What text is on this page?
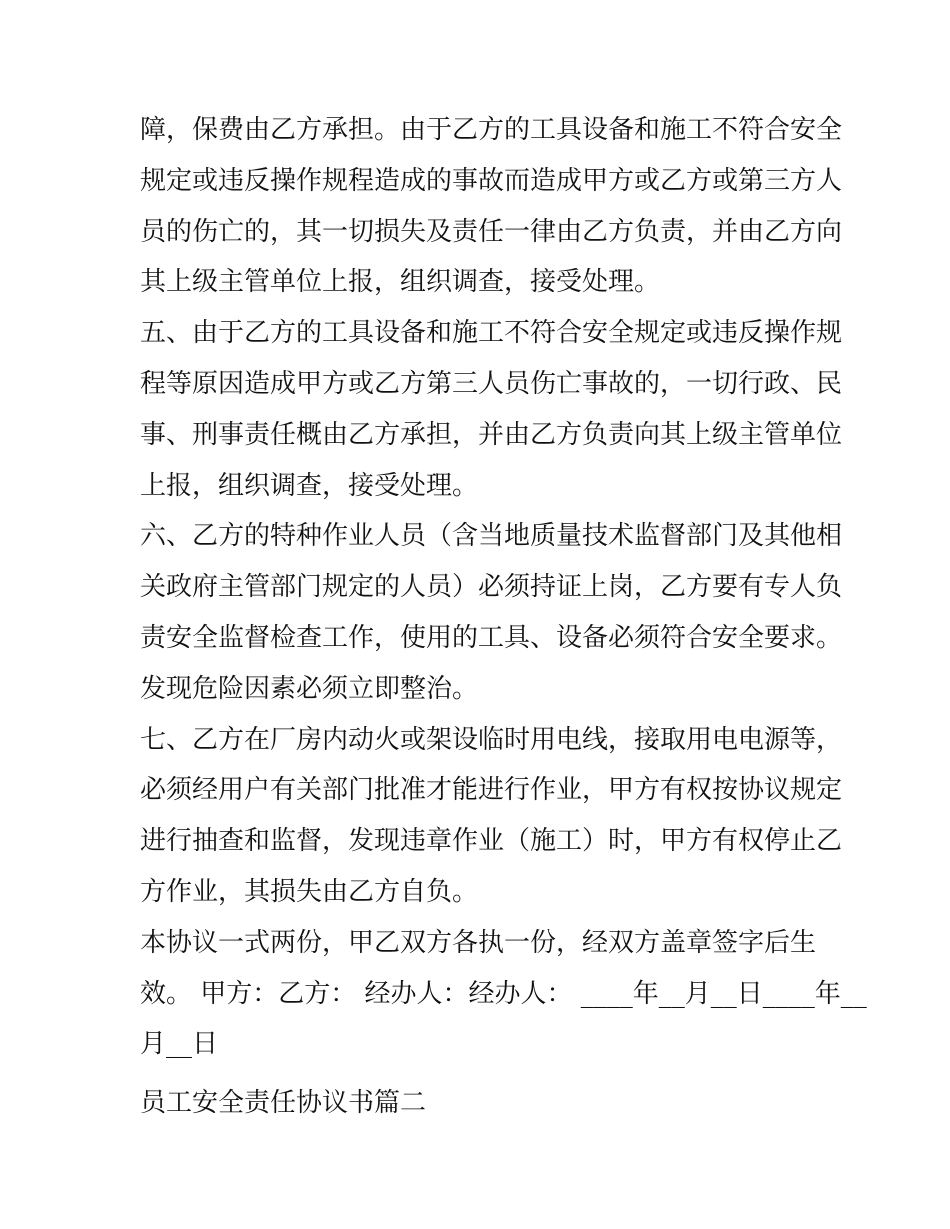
障，保费由乙方承担。由于乙方的工具设备和施工不符合安全
规定或违反操作规程造成的事故而造成甲方或乙方或第三方人
员的伤亡的，其一切损失及责任一律由乙方负责，并由乙方向
其上级主管单位上报，组织调查，接受处理。

五、由于乙方的工具设备和施工不符合安全规定或违反操作规
程等原因造成甲方或乙方第三人员伤亡事故的，一切行政、民
事、刑事责任概由乙方承担，并由乙方负责向其上级主管单位
上报，组织调查，接受处理。

六、乙方的特种作业人员（含当地质量技术监督部门及其他相
关政府主管部门规定的人员）必须持证上岗，乙方要有专人负
责安全监督检查工作，使用的工具、设备必须符合安全要求。
发现危险因素必须立即整治。

七、乙方在厂房内动火或架设临时用电线，接取用电电源等，
必须经用户有关部门批准才能进行作业，甲方有权按协议规定
进行抽查和监督，发现违章作业（施工）时，甲方有权停止乙
方作业，其损失由乙方自负。

本协议一式两份，甲乙双方各执一份，经双方盖章签字后生
效。 甲方：乙方： 经办人：经办人： ____年__月__日____年__
月__日

员工安全责任协议书篇二
